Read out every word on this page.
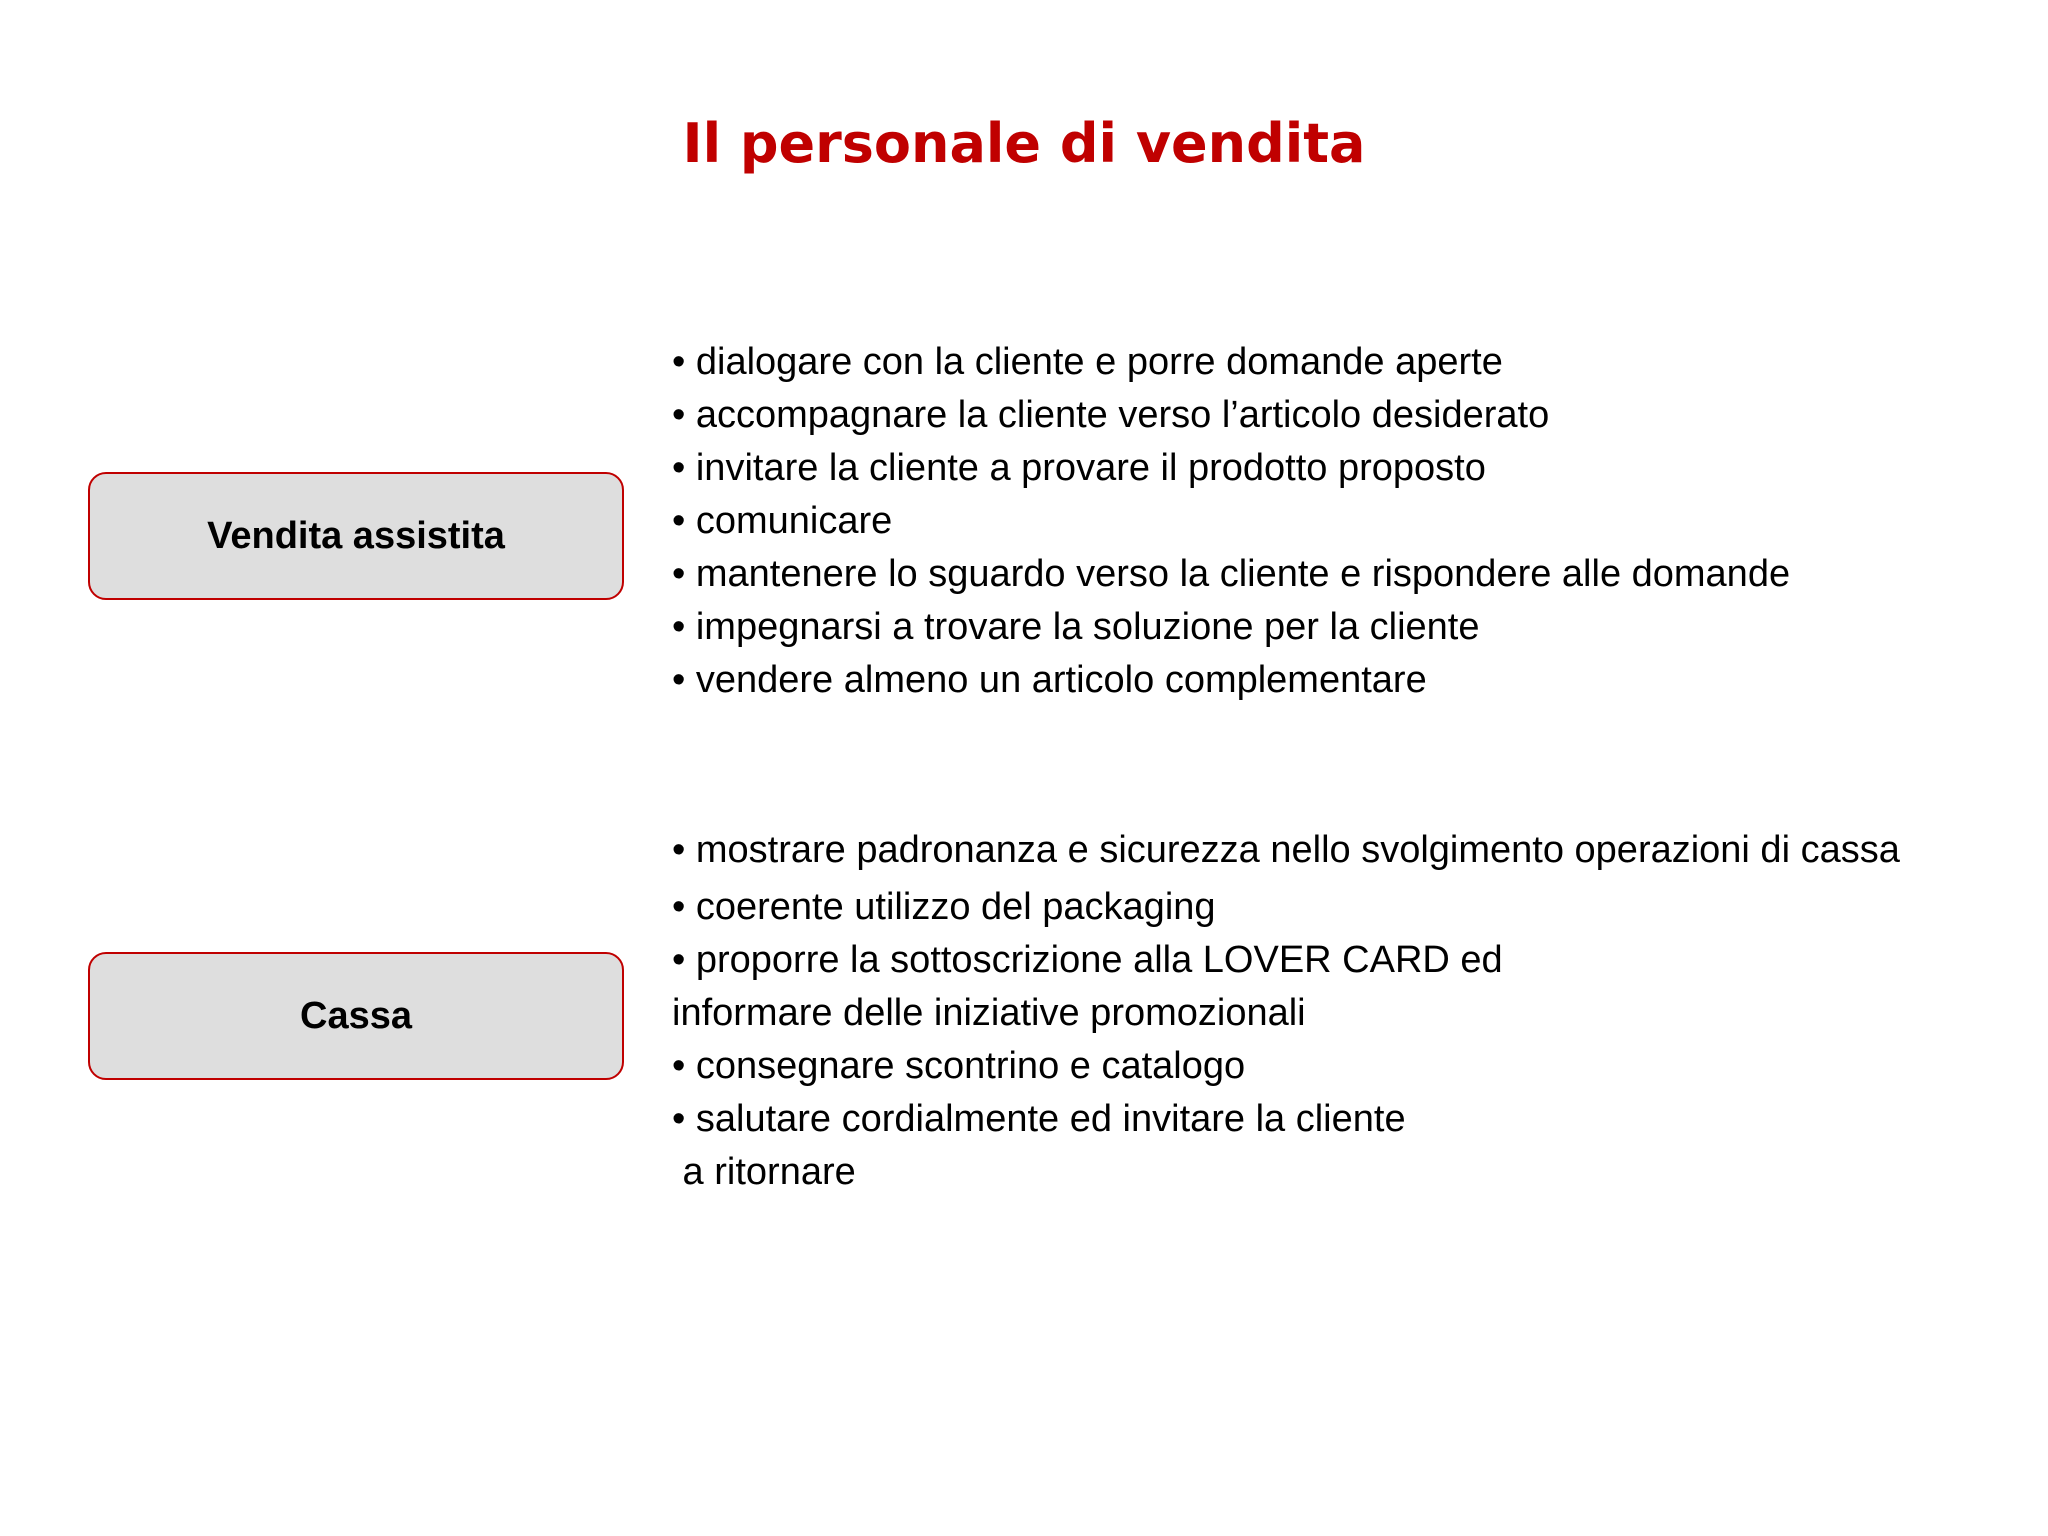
Il personale di vendita
Vendita assistita
• dialogare con la cliente e porre domande aperte
• accompagnare la cliente verso l’articolo desiderato
• invitare la cliente a provare il prodotto proposto
• comunicare
• mantenere lo sguardo verso la cliente e rispondere alle domande
• impegnarsi a trovare la soluzione per la cliente
• vendere almeno un articolo complementare
Cassa
• mostrare padronanza e sicurezza nello svolgimento operazioni di cassa
• coerente utilizzo del packaging
• proporre la sottoscrizione alla LOVER CARD ed
informare delle iniziative promozionali
• consegnare scontrino e catalogo
• salutare cordialmente ed invitare la cliente
a ritornare
